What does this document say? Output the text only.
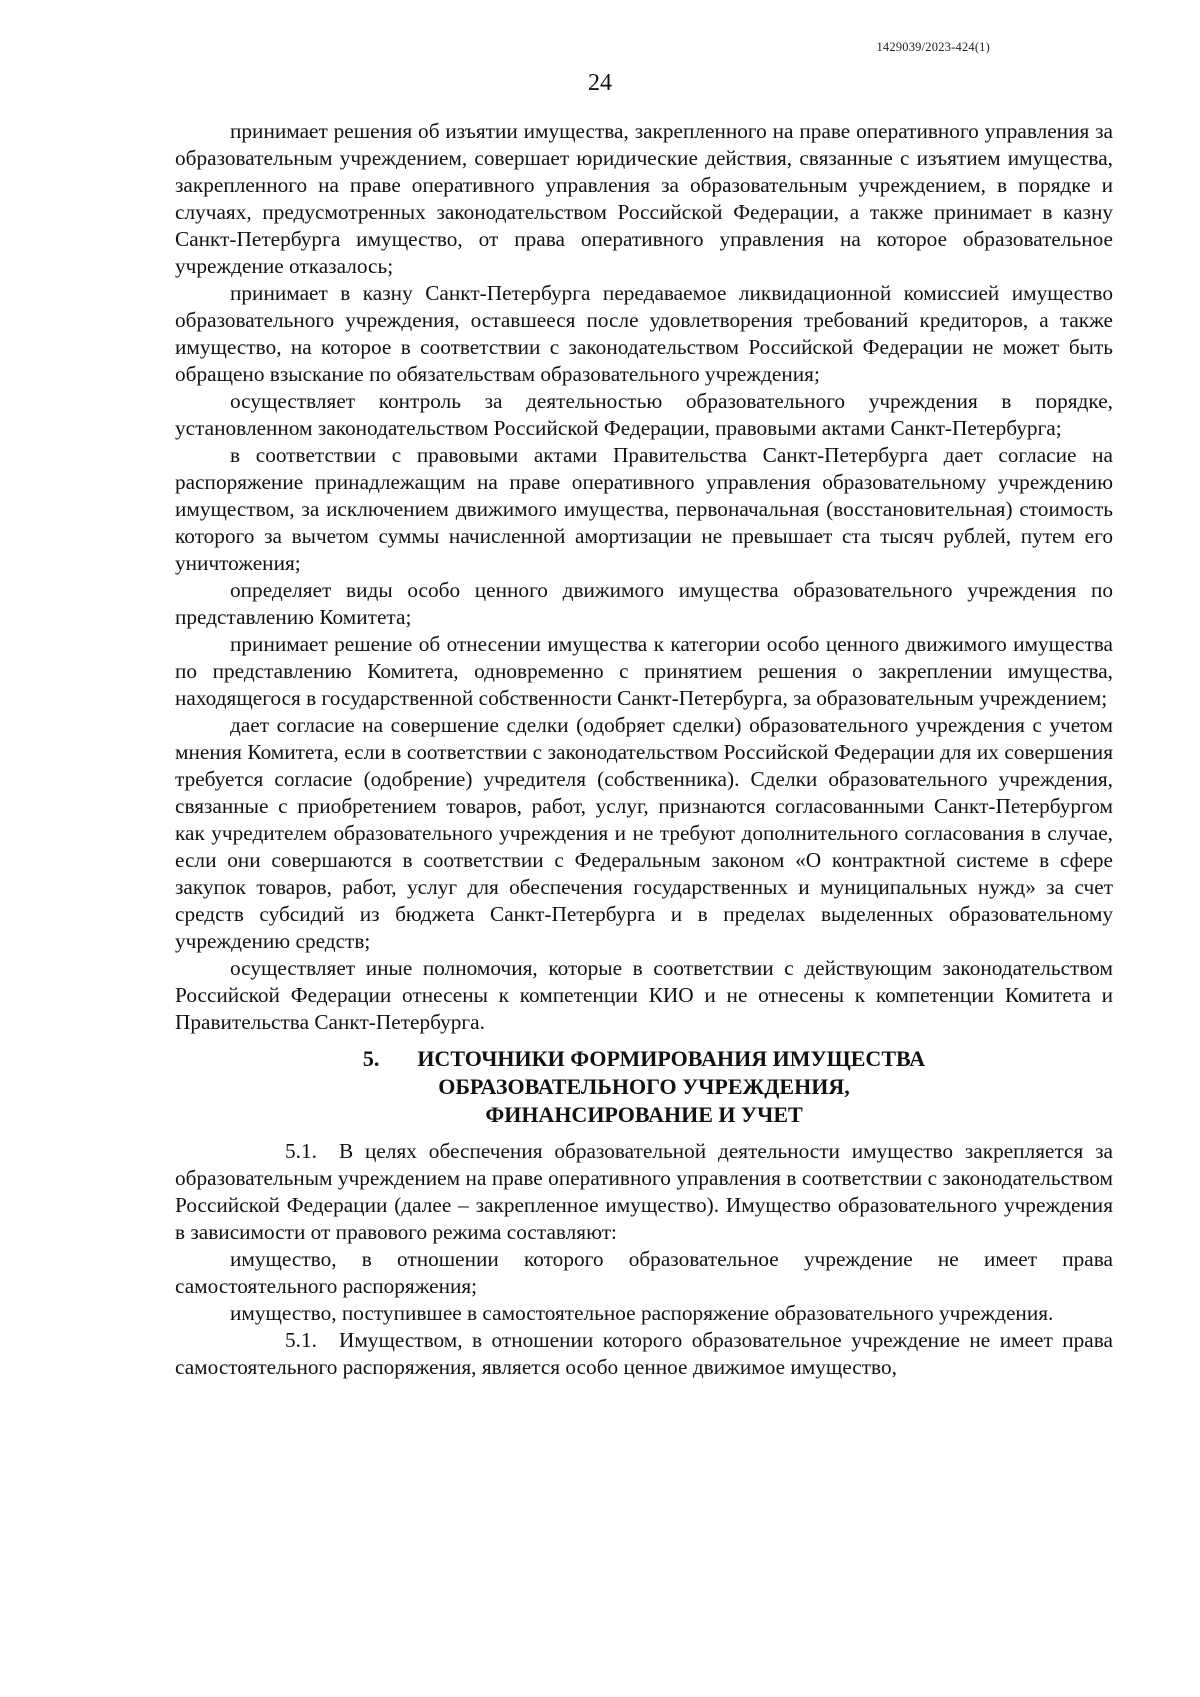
1429039/2023-424(1)
24

принимает решения об изъятии имущества, закрепленного на праве оперативного управления за образовательным учреждением, совершает юридические действия, связанные с изъятием имущества, закрепленного на праве оперативного управления за образовательным учреждением, в порядке и случаях, предусмотренных законодательством Российской Федерации, а также принимает в казну Санкт-Петербурга имущество, от права оперативного управления на которое образовательное учреждение отказалось;

принимает в казну Санкт-Петербурга передаваемое ликвидационной комиссией имущество образовательного учреждения, оставшееся после удовлетворения требований кредиторов, а также имущество, на которое в соответствии с законодательством Российской Федерации не может быть обращено взыскание по обязательствам образовательного учреждения;

осуществляет контроль за деятельностью образовательного учреждения в порядке, установленном законодательством Российской Федерации, правовыми актами Санкт-Петербурга;

в соответствии с правовыми актами Правительства Санкт-Петербурга дает согласие на распоряжение принадлежащим на праве оперативного управления образовательному учреждению имуществом, за исключением движимого имущества, первоначальная (восстановительная) стоимость которого за вычетом суммы начисленной амортизации не превышает ста тысяч рублей, путем его уничтожения;

определяет виды особо ценного движимого имущества образовательного учреждения по представлению Комитета;

принимает решение об отнесении имущества к категории особо ценного движимого имущества по представлению Комитета, одновременно с принятием решения о закреплении имущества, находящегося в государственной собственности Санкт-Петербурга, за образовательным учреждением;

дает согласие на совершение сделки (одобряет сделки) образовательного учреждения с учетом мнения Комитета, если в соответствии с законодательством Российской Федерации для их совершения требуется согласие (одобрение) учредителя (собственника). Сделки образовательного учреждения, связанные с приобретением товаров, работ, услуг, признаются согласованными Санкт-Петербургом как учредителем образовательного учреждения и не требуют дополнительного согласования в случае, если они совершаются в соответствии с Федеральным законом «О контрактной системе в сфере закупок товаров, работ, услуг для обеспечения государственных и муниципальных нужд» за счет средств субсидий из бюджета Санкт-Петербурга и в пределах выделенных образовательному учреждению средств;

осуществляет иные полномочия, которые в соответствии с действующим законодательством Российской Федерации отнесены к компетенции КИО и не отнесены к компетенции Комитета и Правительства Санкт-Петербурга.

5. ИСТОЧНИКИ ФОРМИРОВАНИЯ ИМУЩЕСТВА
ОБРАЗОВАТЕЛЬНОГО УЧРЕЖДЕНИЯ,
ФИНАНСИРОВАНИЕ И УЧЕТ

5.1. В целях обеспечения образовательной деятельности имущество закрепляется за образовательным учреждением на праве оперативного управления в соответствии с законодательством Российской Федерации (далее – закрепленное имущество). Имущество образовательного учреждения в зависимости от правового режима составляют:

имущество, в отношении которого образовательное учреждение не имеет права самостоятельного распоряжения;

имущество, поступившее в самостоятельное распоряжение образовательного учреждения.

5.1. Имуществом, в отношении которого образовательное учреждение не имеет права самостоятельного распоряжения, является особо ценное движимое имущество,
